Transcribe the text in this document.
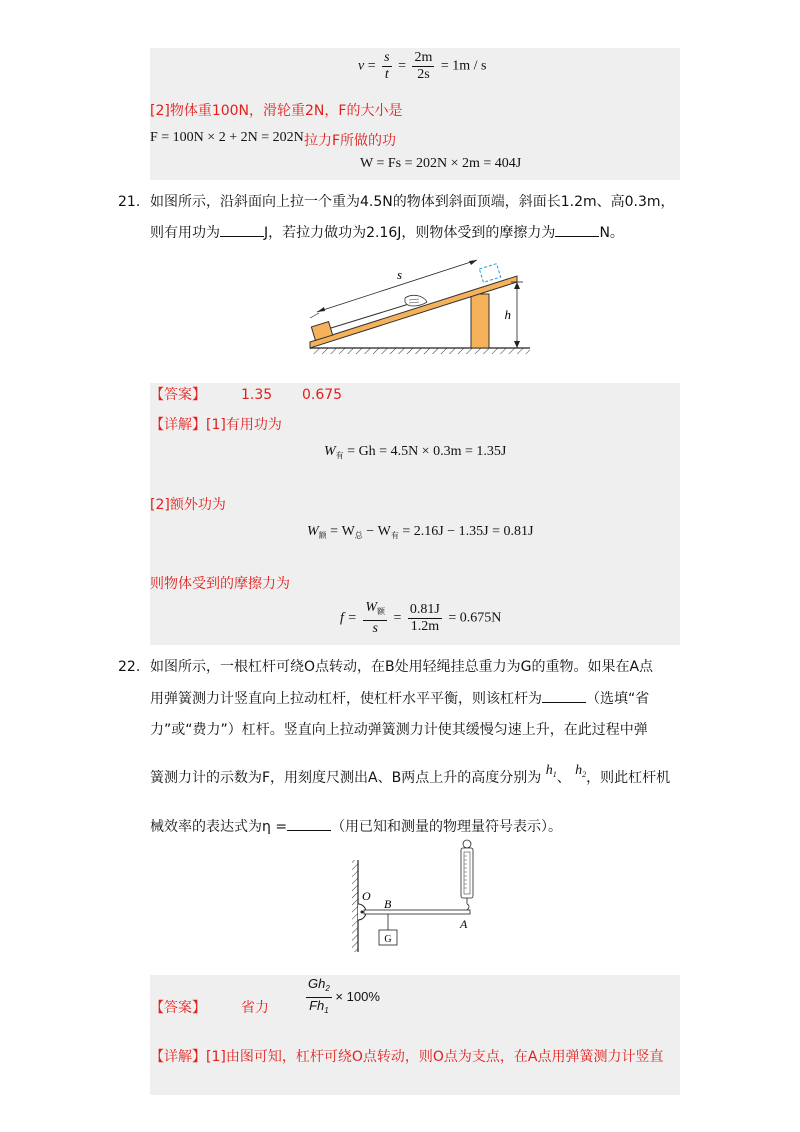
$v = \frac{s}{t} = \frac{2m}{2s} = 1m / s$
[2]物体重100N，滑轮重2N，F的大小是
F = 100N × 2 + 2N = 202N 拉力F所做的功
W = Fs = 202N × 2m = 404J
21. 如图所示，沿斜面向上拉一个重为4.5N的物体到斜面顶端，斜面长1.2m、高0.3m，
则有用功为	J，若拉力做功为2.16J，则物体受到的摩擦力为	N。
s
h
【答案】	1.35 0.675
【详解】[1]有用功为
$W_有 = Gh = 4.5N \times 0.3m = 1.35J$
[2]额外功为
$W_额 = W_总 - W_有 = 2.16J - 1.35J = 0.81J$
则物体受到的摩擦力为
$f = \frac{W_额}{s} = \frac{0.81J}{1.2m} = 0.675N$
22. 如图所示，一根杠杆可绕O点转动，在B处用轻绳挂总重力为G的重物。如果在A点
用弹簧测力计竖直向上拉动杠杆，使杠杆水平平衡，则该杠杆为	（选填“省
力”或“费力”）杠杆。竖直向上拉动弹簧测力计使其缓慢匀速上升，在此过程中弹
簧测力计的示数为F，用刻度尺测出A、B两点上升的高度分别为 $h_1$、 $h_2$，则此杠杆机
械效率的表达式为η =	（用已知和测量的物理量符号表示）。
O
B
G
A
【答案】	省力	$\frac{Gh_2}{Fh_1} \times 100\%$
【详解】[1]由图可知，杠杆可绕O点转动，则O点为支点，在A点用弹簧测力计竖直
